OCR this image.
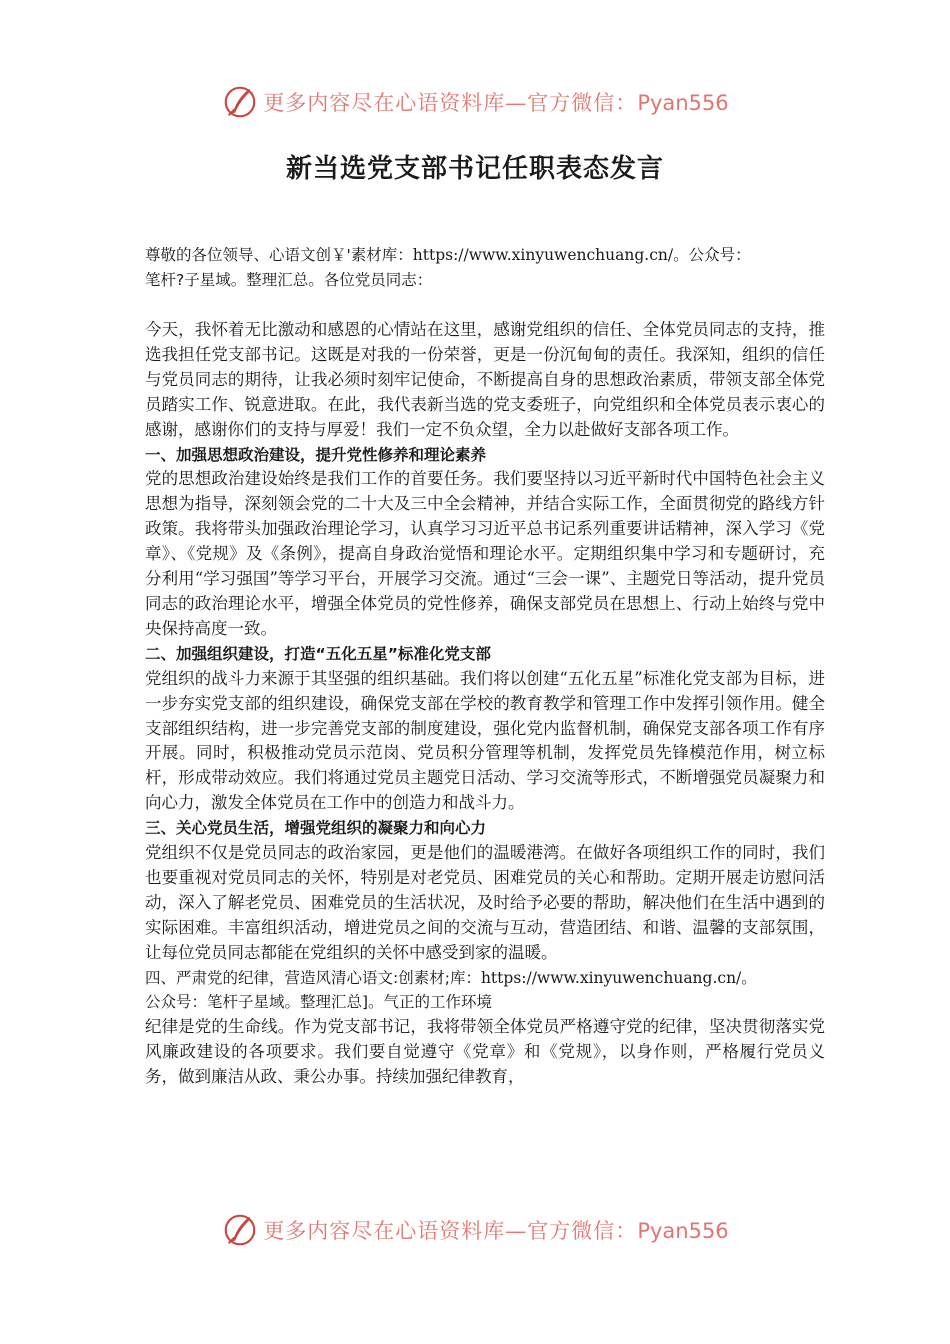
更多内容尽在心语资料库—官方微信：Pyan556
新当选党支部书记任职表态发言
尊敬的各位领导、心语文创￥'素材库：https://www.xinyuwenchuang.cn/。公众号：
笔杆?子星域。整理汇总。各位党员同志：

今天，我怀着无比激动和感恩的心情站在这里，感谢党组织的信任、全体党员同志的支持，推选我担任党支部书记。这既是对我的一份荣誉，更是一份沉甸甸的责任。我深知，组织的信任与党员同志的期待，让我必须时刻牢记使命，不断提高自身的思想政治素质，带领支部全体党员踏实工作、锐意进取。在此，我代表新当选的党支委班子，向党组织和全体党员表示衷心的感谢，感谢你们的支持与厚爱！我们一定不负众望，全力以赴做好支部各项工作。

一、加强思想政治建设，提升党性修养和理论素养

党的思想政治建设始终是我们工作的首要任务。我们要坚持以习近平新时代中国特色社会主义思想为指导，深刻领会党的二十大及三中全会精神，并结合实际工作，全面贯彻党的路线方针政策。我将带头加强政治理论学习，认真学习习近平总书记系列重要讲话精神，深入学习《党章》、《党规》及《条例》，提高自身政治觉悟和理论水平。定期组织集中学习和专题研讨，充分利用“学习强国”等学习平台，开展学习交流。通过“三会一课”、主题党日等活动，提升党员同志的政治理论水平，增强全体党员的党性修养，确保支部党员在思想上、行动上始终与党中央保持高度一致。

二、加强组织建设，打造“五化五星”标准化党支部

党组织的战斗力来源于其坚强的组织基础。我们将以创建“五化五星”标准化党支部为目标，进一步夯实党支部的组织建设，确保党支部在学校的教育教学和管理工作中发挥引领作用。健全支部组织结构，进一步完善党支部的制度建设，强化党内监督机制，确保党支部各项工作有序开展。同时，积极推动党员示范岗、党员积分管理等机制，发挥党员先锋模范作用，树立标杆，形成带动效应。我们将通过党员主题党日活动、学习交流等形式，不断增强党员凝聚力和向心力，激发全体党员在工作中的创造力和战斗力。

三、关心党员生活，增强党组织的凝聚力和向心力

党组织不仅是党员同志的政治家园，更是他们的温暖港湾。在做好各项组织工作的同时，我们也要重视对党员同志的关怀，特别是对老党员、困难党员的关心和帮助。定期开展走访慰问活动，深入了解老党员、困难党员的生活状况，及时给予必要的帮助，解决他们在生活中遇到的实际困难。丰富组织活动，增进党员之间的交流与互动，营造团结、和谐、温馨的支部氛围，让每位党员同志都能在党组织的关怀中感受到家的温暖。

四、严肃党的纪律，营造风清心语文:创素材;库：https://www.xinyuwenchuang.cn/。
公众号：笔杆子星域。整理汇总]。气正的工作环境

纪律是党的生命线。作为党支部书记，我将带领全体党员严格遵守党的纪律，坚决贯彻落实党风廉政建设的各项要求。我们要自觉遵守《党章》和《党规》，以身作则，严格履行党员义务，做到廉洁从政、秉公办事。持续加强纪律教育，

更多内容尽在心语资料库—官方微信：Pyan556
